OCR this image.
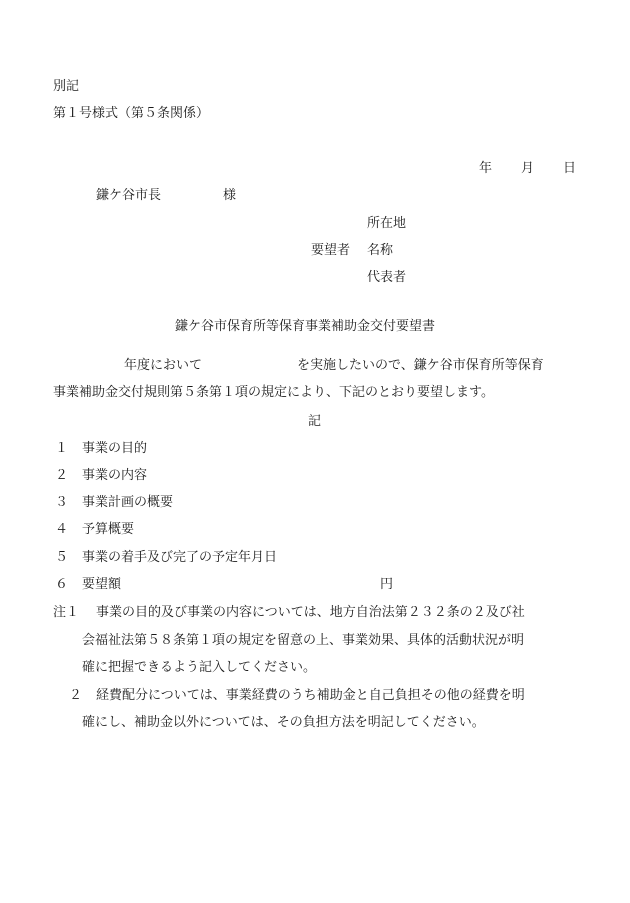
別記
第１号様式（第５条関係）
年 月 日
鎌ケ谷市長	様
所在地
要望者 名称
代表者
鎌ケ谷市保育所等保育事業補助金交付要望書
年度において	を実施したいので、鎌ケ谷市保育所等保育
事業補助金交付規則第５条第１項の規定により、下記のとおり要望します。
記
１ 事業の目的
２ 事業の内容
３ 事業計画の概要
４ 予算概要
５ 事業の着手及び完了の予定年月日
６ 要望額	円
注１ 事業の目的及び事業の内容については、地方自治法第２３２条の２及び社
会福祉法第５８条第１項の規定を留意の上、事業効果、具体的活動状況が明
確に把握できるよう記入してください。
２ 経費配分については、事業経費のうち補助金と自己負担その他の経費を明
確にし、補助金以外については、その負担方法を明記してください。
